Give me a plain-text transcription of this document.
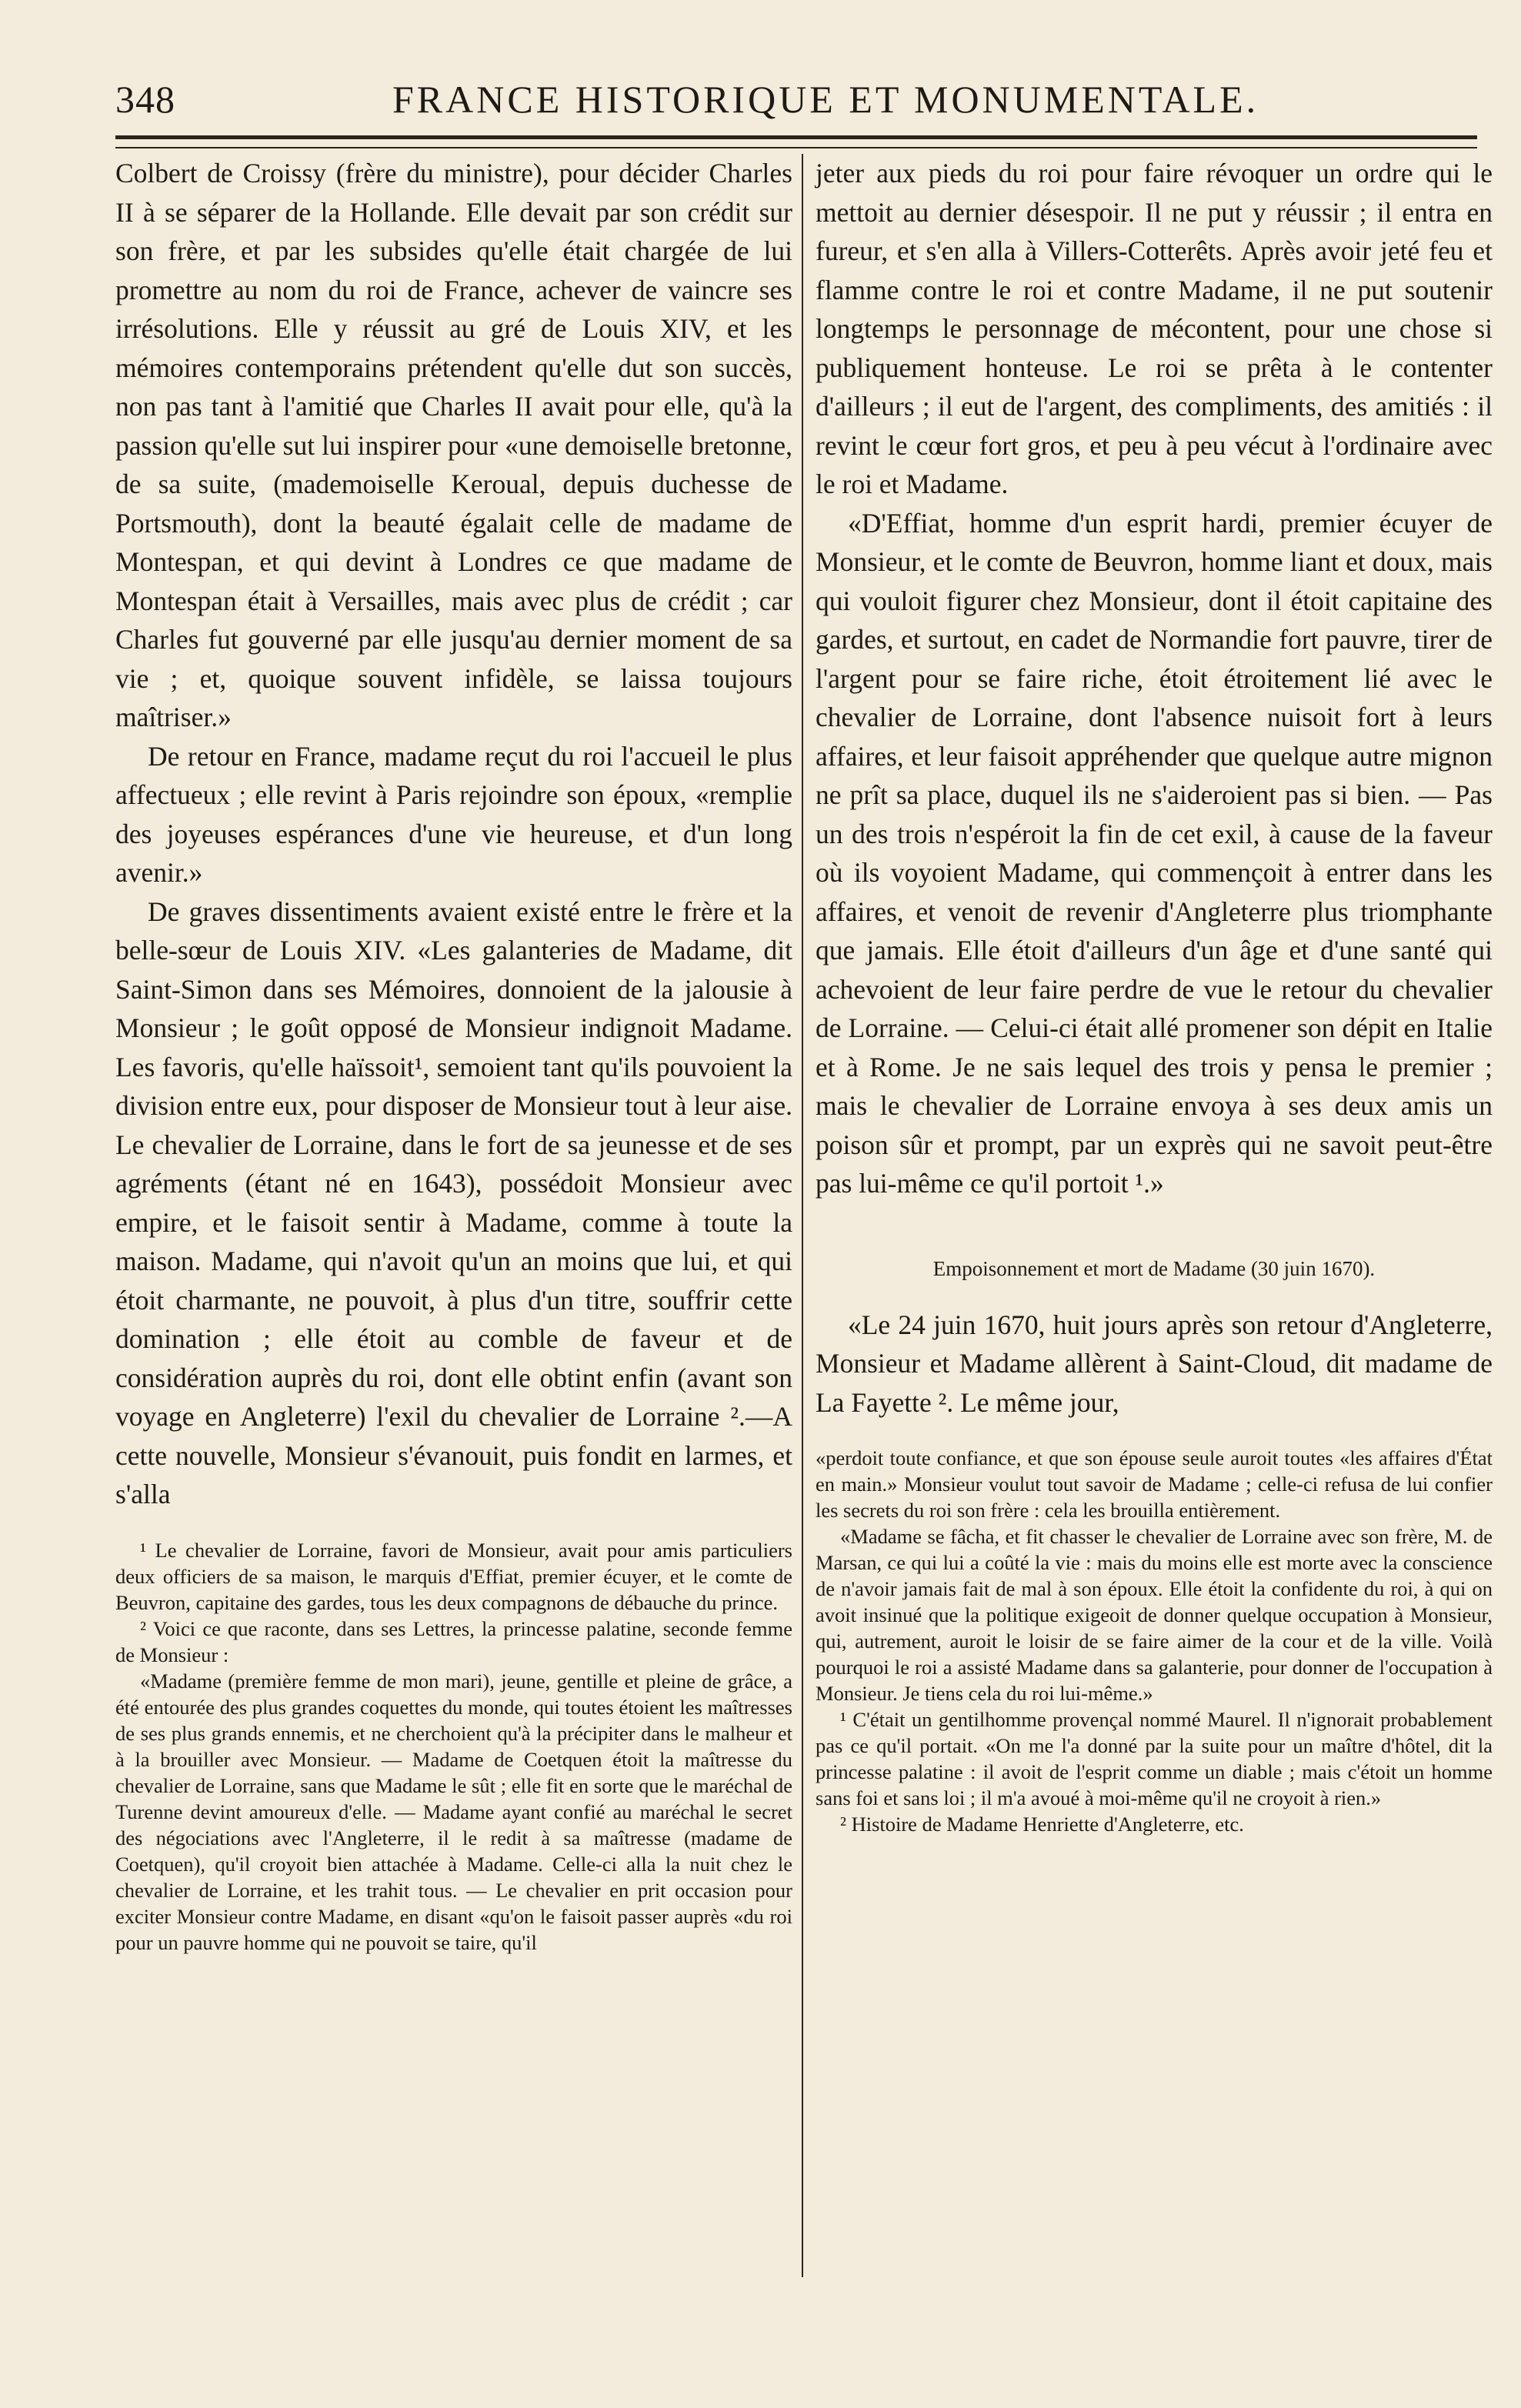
348	FRANCE HISTORIQUE ET MONUMENTALE.

Colbert de Croissy (frère du ministre), pour décider Charles II à se séparer de la Hollande. Elle devait par son crédit sur son frère, et par les subsides qu'elle était chargée de lui promettre au nom du roi de France, achever de vaincre ses irrésolutions. Elle y réussit au gré de Louis XIV, et les mémoires contemporains prétendent qu'elle dut son succès, non pas tant à l'amitié que Charles II avait pour elle, qu'à la passion qu'elle sut lui inspirer pour «une demoiselle bretonne, de sa suite, (mademoiselle Keroual, depuis duchesse de Portsmouth), dont la beauté égalait celle de madame de Montespan, et qui devint à Londres ce que madame de Montespan était à Versailles, mais avec plus de crédit ; car Charles fut gouverné par elle jusqu'au dernier moment de sa vie ; et, quoique souvent infidèle, se laissa toujours maîtriser.»

De retour en France, madame reçut du roi l'accueil le plus affectueux ; elle revint à Paris rejoindre son époux, «remplie des joyeuses espérances d'une vie heureuse, et d'un long avenir.»

De graves dissentiments avaient existé entre le frère et la belle-sœur de Louis XIV. «Les galanteries de Madame, dit Saint-Simon dans ses Mémoires, donnoient de la jalousie à Monsieur ; le goût opposé de Monsieur indignoit Madame. Les favoris, qu'elle haïssoit¹, semoient tant qu'ils pouvoient la division entre eux, pour disposer de Monsieur tout à leur aise. Le chevalier de Lorraine, dans le fort de sa jeunesse et de ses agréments (étant né en 1643), possédoit Monsieur avec empire, et le faisoit sentir à Madame, comme à toute la maison. Madame, qui n'avoit qu'un an moins que lui, et qui étoit charmante, ne pouvoit, à plus d'un titre, souffrir cette domination ; elle étoit au comble de faveur et de considération auprès du roi, dont elle obtint enfin (avant son voyage en Angleterre) l'exil du chevalier de Lorraine ².—A cette nouvelle, Monsieur s'évanouit, puis fondit en larmes, et s'alla

¹ Le chevalier de Lorraine, favori de Monsieur, avait pour amis particuliers deux officiers de sa maison, le marquis d'Effiat, premier écuyer, et le comte de Beuvron, capitaine des gardes, tous les deux compagnons de débauche du prince.

² Voici ce que raconte, dans ses Lettres, la princesse palatine, seconde femme de Monsieur :

«Madame (première femme de mon mari), jeune, gentille et pleine de grâce, a été entourée des plus grandes coquettes du monde, qui toutes étoient les maîtresses de ses plus grands ennemis, et ne cherchoient qu'à la précipiter dans le malheur et à la brouiller avec Monsieur. — Madame de Coetquen étoit la maîtresse du chevalier de Lorraine, sans que Madame le sût ; elle fit en sorte que le maréchal de Turenne devint amoureux d'elle. — Madame ayant confié au maréchal le secret des négociations avec l'Angleterre, il le redit à sa maîtresse (madame de Coetquen), qu'il croyoit bien attachée à Madame. Celle-ci alla la nuit chez le chevalier de Lorraine, et les trahit tous. — Le chevalier en prit occasion pour exciter Monsieur contre Madame, en disant «qu'on le faisoit passer auprès «du roi pour un pauvre homme qui ne pouvoit se taire, qu'il

jeter aux pieds du roi pour faire révoquer un ordre qui le mettoit au dernier désespoir. Il ne put y réussir ; il entra en fureur, et s'en alla à Villers-Cotterêts. Après avoir jeté feu et flamme contre le roi et contre Madame, il ne put soutenir longtemps le personnage de mécontent, pour une chose si publiquement honteuse. Le roi se prêta à le contenter d'ailleurs ; il eut de l'argent, des compliments, des amitiés : il revint le cœur fort gros, et peu à peu vécut à l'ordinaire avec le roi et Madame.

«D'Effiat, homme d'un esprit hardi, premier écuyer de Monsieur, et le comte de Beuvron, homme liant et doux, mais qui vouloit figurer chez Monsieur, dont il étoit capitaine des gardes, et surtout, en cadet de Normandie fort pauvre, tirer de l'argent pour se faire riche, étoit étroitement lié avec le chevalier de Lorraine, dont l'absence nuisoit fort à leurs affaires, et leur faisoit appréhender que quelque autre mignon ne prît sa place, duquel ils ne s'aideroient pas si bien. — Pas un des trois n'espéroit la fin de cet exil, à cause de la faveur où ils voyoient Madame, qui commençoit à entrer dans les affaires, et venoit de revenir d'Angleterre plus triomphante que jamais. Elle étoit d'ailleurs d'un âge et d'une santé qui achevoient de leur faire perdre de vue le retour du chevalier de Lorraine. — Celui-ci était allé promener son dépit en Italie et à Rome. Je ne sais lequel des trois y pensa le premier ; mais le chevalier de Lorraine envoya à ses deux amis un poison sûr et prompt, par un exprès qui ne savoit peut-être pas lui-même ce qu'il portoit ¹.»

Empoisonnement et mort de Madame (30 juin 1670).

«Le 24 juin 1670, huit jours après son retour d'Angleterre, Monsieur et Madame allèrent à Saint-Cloud, dit madame de La Fayette ². Le même jour,

«perdoit toute confiance, et que son épouse seule auroit toutes «les affaires d'État en main.» Monsieur voulut tout savoir de Madame ; celle-ci refusa de lui confier les secrets du roi son frère : cela les brouilla entièrement.

«Madame se fâcha, et fit chasser le chevalier de Lorraine avec son frère, M. de Marsan, ce qui lui a coûté la vie : mais du moins elle est morte avec la conscience de n'avoir jamais fait de mal à son époux. Elle étoit la confidente du roi, à qui on avoit insinué que la politique exigeoit de donner quelque occupation à Monsieur, qui, autrement, auroit le loisir de se faire aimer de la cour et de la ville. Voilà pourquoi le roi a assisté Madame dans sa galanterie, pour donner de l'occupation à Monsieur. Je tiens cela du roi lui-même.»

¹ C'était un gentilhomme provençal nommé Maurel. Il n'ignorait probablement pas ce qu'il portait. «On me l'a donné par la suite pour un maître d'hôtel, dit la princesse palatine : il avoit de l'esprit comme un diable ; mais c'étoit un homme sans foi et sans loi ; il m'a avoué à moi-même qu'il ne croyoit à rien.»

² Histoire de Madame Henriette d'Angleterre, etc.
